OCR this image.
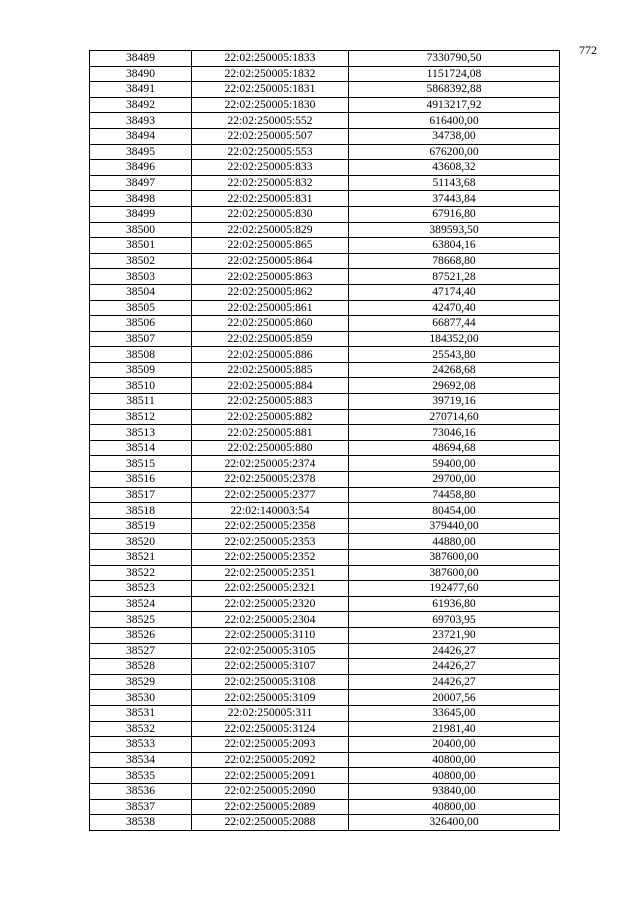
772
38489	22:02:250005:1833	7330790,50
38490	22:02:250005:1832	1151724,08
38491	22:02:250005:1831	5868392,88
38492	22:02:250005:1830	4913217,92
38493	22:02:250005:552	616400,00
38494	22:02:250005:507	34738,00
38495	22:02:250005:553	676200,00
38496	22:02:250005:833	43608,32
38497	22:02:250005:832	51143,68
38498	22:02:250005:831	37443,84
38499	22:02:250005:830	67916,80
38500	22:02:250005:829	389593,50
38501	22:02:250005:865	63804,16
38502	22:02:250005:864	78668,80
38503	22:02:250005:863	87521,28
38504	22:02:250005:862	47174,40
38505	22:02:250005:861	42470,40
38506	22:02:250005:860	66877,44
38507	22:02:250005:859	184352,00
38508	22:02:250005:886	25543,80
38509	22:02:250005:885	24268,68
38510	22:02:250005:884	29692,08
38511	22:02:250005:883	39719,16
38512	22:02:250005:882	270714,60
38513	22:02:250005:881	73046,16
38514	22:02:250005:880	48694,68
38515	22:02:250005:2374	59400,00
38516	22:02:250005:2378	29700,00
38517	22:02:250005:2377	74458,80
38518	22:02:140003:54	80454,00
38519	22:02:250005:2358	379440,00
38520	22:02:250005:2353	44880,00
38521	22:02:250005:2352	387600,00
38522	22:02:250005:2351	387600,00
38523	22:02:250005:2321	192477,60
38524	22:02:250005:2320	61936,80
38525	22:02:250005:2304	69703,95
38526	22:02:250005:3110	23721,90
38527	22:02:250005:3105	24426,27
38528	22:02:250005:3107	24426,27
38529	22:02:250005:3108	24426,27
38530	22:02:250005:3109	20007,56
38531	22:02:250005:311	33645,00
38532	22:02:250005:3124	21981,40
38533	22:02:250005:2093	20400,00
38534	22:02:250005:2092	40800,00
38535	22:02:250005:2091	40800,00
38536	22:02:250005:2090	93840,00
38537	22:02:250005:2089	40800,00
38538	22:02:250005:2088	326400,00
